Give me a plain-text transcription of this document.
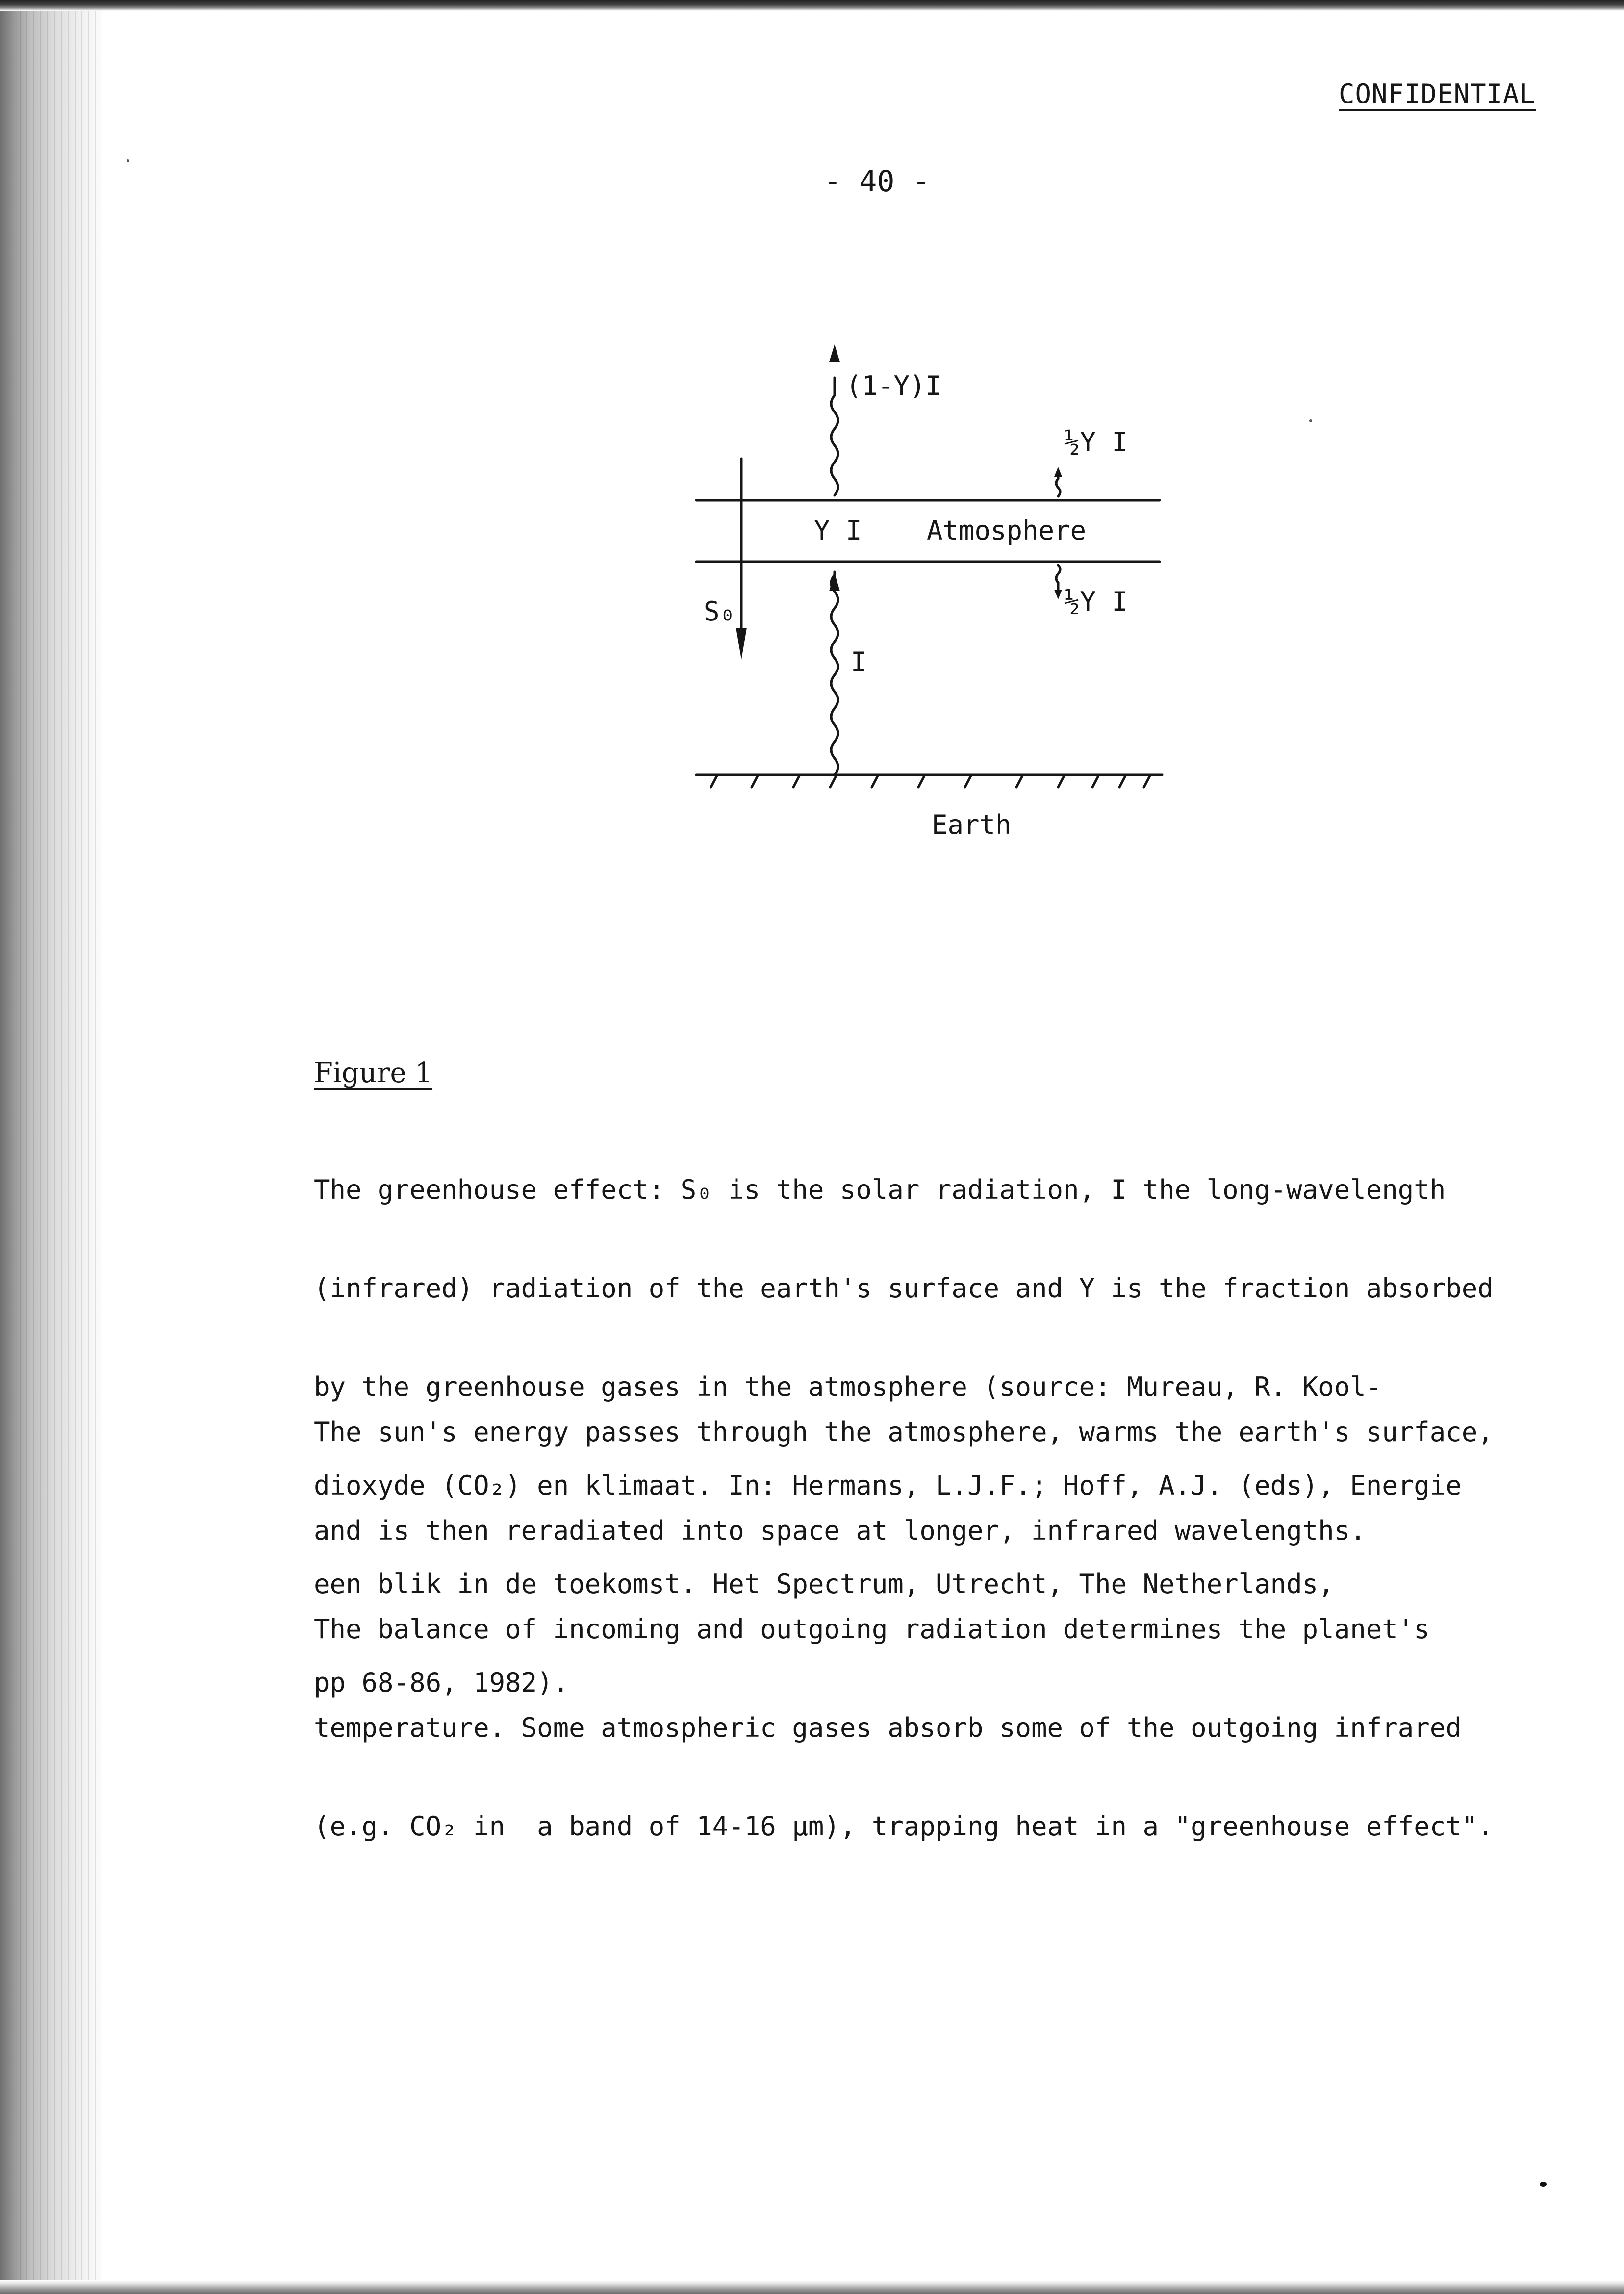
CONFIDENTIAL
- 40 -
(1-Y)I
½Y I
Y I Atmosphere
S₀	½Y I
I
Earth
Figure 1

The greenhouse effect: S₀ is the solar radiation, I the long-wavelength

(infrared) radiation of the earth's surface and Y is the fraction absorbed

by the greenhouse gases in the atmosphere (source: Mureau, R. Kool-

dioxyde (CO₂) en klimaat. In: Hermans, L.J.F.; Hoff, A.J. (eds), Energie

een blik in de toekomst. Het Spectrum, Utrecht, The Netherlands,

pp 68-86, 1982).

The sun's energy passes through the atmosphere, warms the earth's surface,

and is then reradiated into space at longer, infrared wavelengths.

The balance of incoming and outgoing radiation determines the planet's

temperature. Some atmospheric gases absorb some of the outgoing infrared

(e.g. CO₂ in  a band of 14-16 µm), trapping heat in a "greenhouse effect".
